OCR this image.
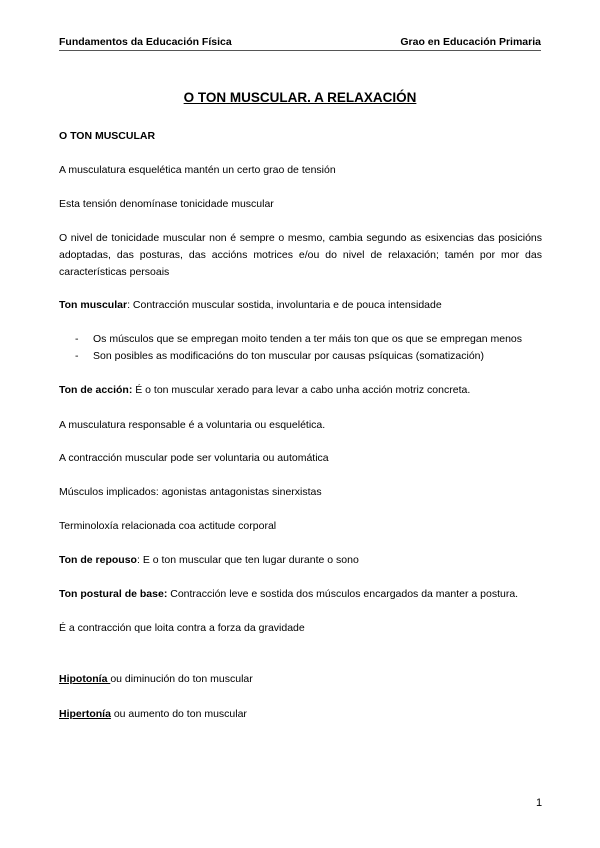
Fundamentos da Educación Física	Grao en Educación Primaria
O TON MUSCULAR. A RELAXACIÓN
O TON MUSCULAR
A musculatura esquelética mantén un certo grao de tensión
Esta tensión denomínase tonicidade muscular
O nivel de tonicidade muscular non é sempre o mesmo, cambia segundo as esixencias das posicións adoptadas, das posturas, das accións motrices e/ou do nivel de relaxación; tamén por mor das características persoais
Ton muscular: Contracción muscular sostida, involuntaria e de pouca intensidade
- Os músculos que se empregan moito tenden a ter máis ton que os que se empregan menos
- Son posibles as modificacións do ton muscular por causas psíquicas (somatización)
Ton de acción: É o ton muscular xerado para levar a cabo unha acción motriz concreta.
A musculatura responsable é a voluntaria ou esquelética.
A contracción muscular pode ser voluntaria ou automática
Músculos implicados: agonistas antagonistas sinerxistas
Terminoloxía relacionada coa actitude corporal
Ton de repouso: E o ton muscular que ten lugar durante o sono
Ton postural de base: Contracción leve e sostida dos músculos encargados da manter a postura.
É a contracción que loita contra a forza da gravidade
Hipotonía ou diminución do ton muscular
Hipertonía ou aumento do ton muscular
1
